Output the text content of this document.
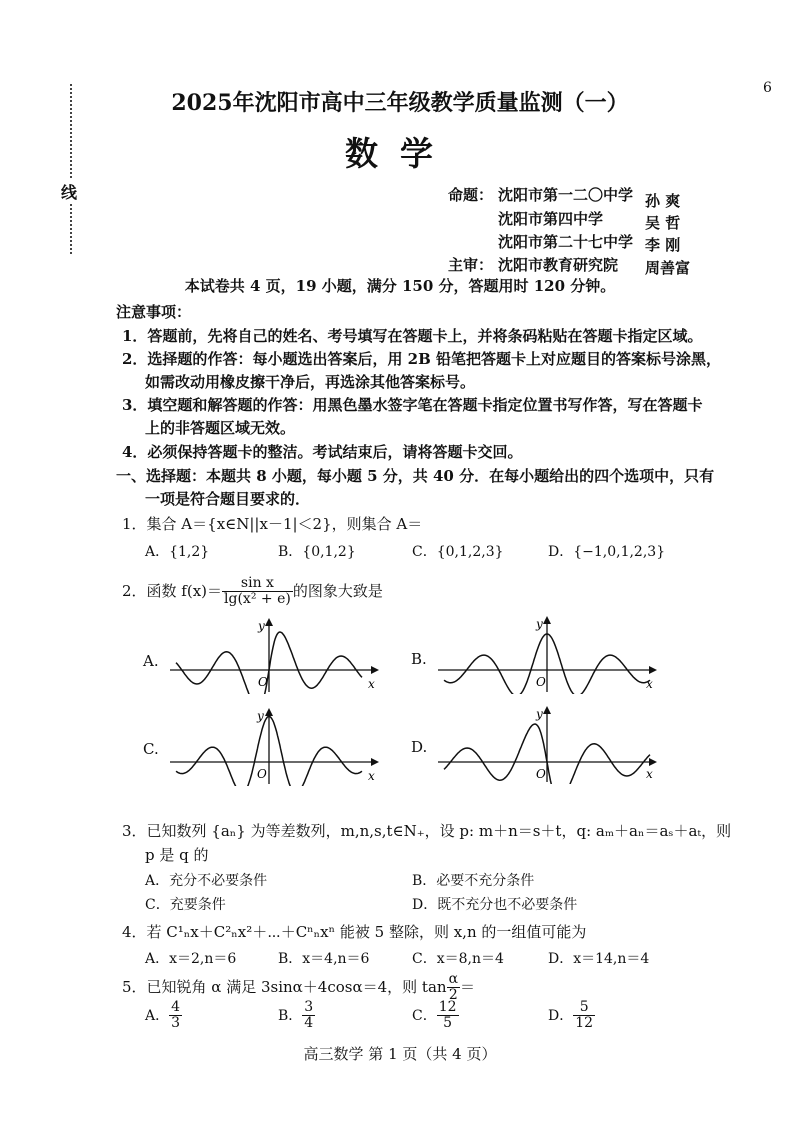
线
6
2025年沈阳市高中三年级教学质量监测（一）
数学
命题： 沈阳市第一二〇中学 孙 爽
沈阳市第四中学	吴 哲
沈阳市第二十七中学 李 刚
主审： 沈阳市教育研究院 周善富
本试卷共 4 页，19 小题，满分 150 分，答题用时 120 分钟。
注意事项：
1．答题前，先将自己的姓名、考号填写在答题卡上，并将条码粘贴在答题卡指定区域。
2．选择题的作答：每小题选出答案后，用 2B 铅笔把答题卡上对应题目的答案标号涂黑，
如需改动用橡皮擦干净后，再选涂其他答案标号。
3．填空题和解答题的作答：用黑色墨水签字笔在答题卡指定位置书写作答，写在答题卡
上的非答题区域无效。
4．必须保持答题卡的整洁。考试结束后，请将答题卡交回。
一、选择题：本题共 8 小题，每小题 5 分，共 40 分．在每小题给出的四个选项中，只有
一项是符合题目要求的．
1．集合 A＝{x∈N||x－1|＜2}，则集合 A＝
A．{1,2}	B．{0,1,2}	C．{0,1,2,3}	D．{−1,0,1,2,3}
2．函数 $f(x)= \frac{\text{sin x}}{\text{lg(x² + e)}}$ 的图象大致是
A.	B.
C.	D.
y
x
O
y
x
O
y
x
O
y
x
O
3．已知数列 {aₙ} 为等差数列，m,n,s,t∈N₊，设 p: m＋n＝s＋t，q: aₘ＋aₙ＝aₛ＋aₜ，则
p 是 q 的
A．充分不必要条件	B．必要不充分条件
C．充要条件	D．既不充分也不必要条件
4．若 C¹ₙx＋C²ₙx²＋⋯＋Cⁿₙxⁿ 能被 5 整除，则 x,n 的一组值可能为
A．x＝2,n＝6	B．x＝4,n＝6	C．x＝8,n＝4	D．x＝14,n＝4
5．已知锐角 α 满足 3sinα＋4cosα＝4，则 $\tan \frac{\alpha}{2}$ ＝
A． $\frac{4}{3}$	B． $\frac{3}{4}$	C． $\frac{12}{5}$	D． $\frac{5}{12}$
高三数学 第 1 页（共 4 页）
